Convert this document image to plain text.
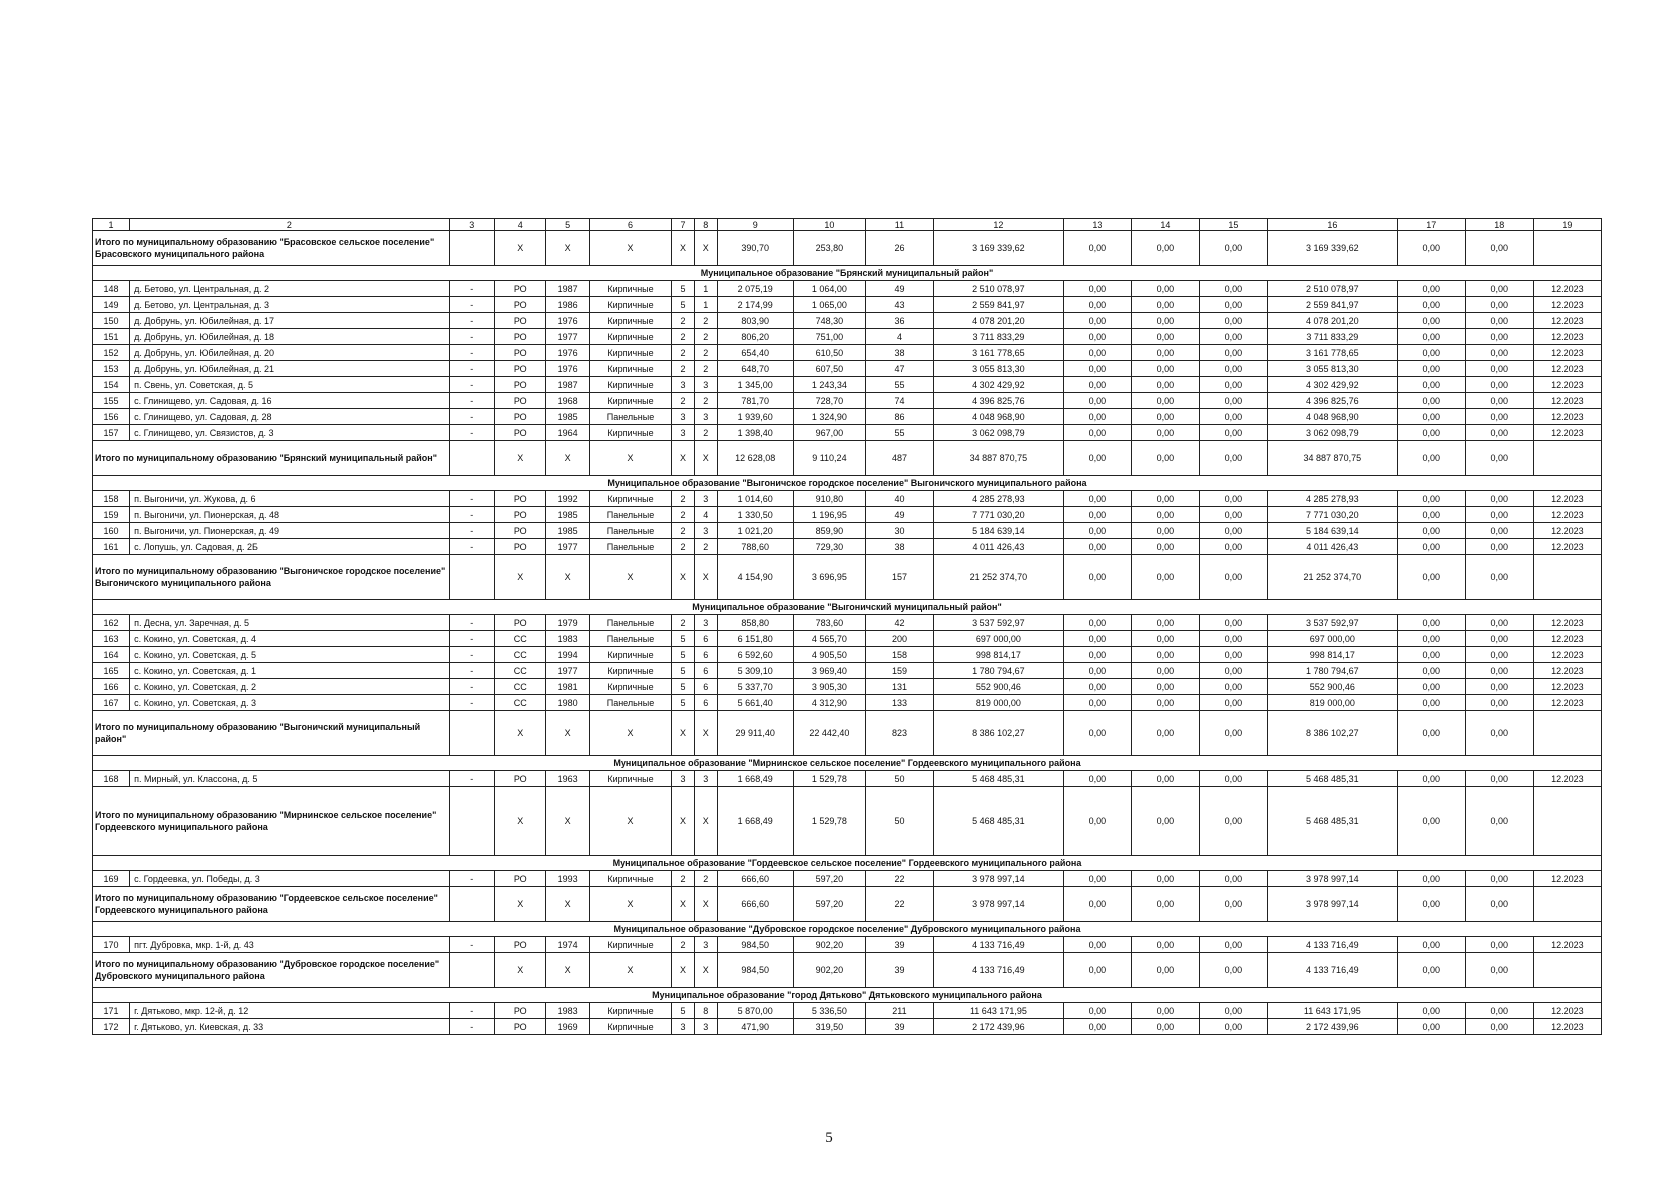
1	2	3	4	5	6	7	8	9	10	11	12	13	14	15	16	17	18	19
Итого по муниципальному образованию "Брасовское сельское поселение" Брасовского муниципального района			X	X	X	X	X	390,70	253,80	26	3 169 339,62	0,00	0,00	0,00	3 169 339,62	0,00	0,00	
Муниципальное образование "Брянский муниципальный район"																		
148	д. Бетово, ул. Центральная, д. 2	-	РО	1987	Кирпичные	5	1	2 075,19	1 064,00	49	2 510 078,97	0,00	0,00	0,00	2 510 078,97	0,00	0,00	12.2023
149	д. Бетово, ул. Центральная, д. 3	-	РО	1986	Кирпичные	5	1	2 174,99	1 065,00	43	2 559 841,97	0,00	0,00	0,00	2 559 841,97	0,00	0,00	12.2023
150	д. Добрунь, ул. Юбилейная, д. 17	-	РО	1976	Кирпичные	2	2	803,90	748,30	36	4 078 201,20	0,00	0,00	0,00	4 078 201,20	0,00	0,00	12.2023
151	д. Добрунь, ул. Юбилейная, д. 18	-	РО	1977	Кирпичные	2	2	806,20	751,00	4	3 711 833,29	0,00	0,00	0,00	3 711 833,29	0,00	0,00	12.2023
152	д. Добрунь, ул. Юбилейная, д. 20	-	РО	1976	Кирпичные	2	2	654,40	610,50	38	3 161 778,65	0,00	0,00	0,00	3 161 778,65	0,00	0,00	12.2023
153	д. Добрунь, ул. Юбилейная, д. 21	-	РО	1976	Кирпичные	2	2	648,70	607,50	47	3 055 813,30	0,00	0,00	0,00	3 055 813,30	0,00	0,00	12.2023
154	п. Свень, ул. Советская, д. 5	-	РО	1987	Кирпичные	3	3	1 345,00	1 243,34	55	4 302 429,92	0,00	0,00	0,00	4 302 429,92	0,00	0,00	12.2023
155	с. Глинищево, ул. Садовая, д. 16	-	РО	1968	Кирпичные	2	2	781,70	728,70	74	4 396 825,76	0,00	0,00	0,00	4 396 825,76	0,00	0,00	12.2023
156	с. Глинищево, ул. Садовая, д. 28	-	РО	1985	Панельные	3	3	1 939,60	1 324,90	86	4 048 968,90	0,00	0,00	0,00	4 048 968,90	0,00	0,00	12.2023
157	с. Глинищево, ул. Связистов, д. 3	-	РО	1964	Кирпичные	3	2	1 398,40	967,00	55	3 062 098,79	0,00	0,00	0,00	3 062 098,79	0,00	0,00	12.2023
Итого по муниципальному образованию "Брянский муниципальный район"			X	X	X	X	X	12 628,08	9 110,24	487	34 887 870,75	0,00	0,00	0,00	34 887 870,75	0,00	0,00	
Муниципальное образование "Выгоничское городское поселение" Выгоничского муниципального района																		
158	п. Выгоничи, ул. Жукова, д. 6	-	РО	1992	Кирпичные	2	3	1 014,60	910,80	40	4 285 278,93	0,00	0,00	0,00	4 285 278,93	0,00	0,00	12.2023
159	п. Выгоничи, ул. Пионерская, д. 48	-	РО	1985	Панельные	2	4	1 330,50	1 196,95	49	7 771 030,20	0,00	0,00	0,00	7 771 030,20	0,00	0,00	12.2023
160	п. Выгоничи, ул. Пионерская, д. 49	-	РО	1985	Панельные	2	3	1 021,20	859,90	30	5 184 639,14	0,00	0,00	0,00	5 184 639,14	0,00	0,00	12.2023
161	с. Лопушь, ул. Садовая, д. 2Б	-	РО	1977	Панельные	2	2	788,60	729,30	38	4 011 426,43	0,00	0,00	0,00	4 011 426,43	0,00	0,00	12.2023
Итого по муниципальному образованию "Выгоничское городское поселение" Выгоничского муниципального района			X	X	X	X	X	4 154,90	3 696,95	157	21 252 374,70	0,00	0,00	0,00	21 252 374,70	0,00	0,00	
Муниципальное образование "Выгоничский муниципальный район"																		
162	п. Десна, ул. Заречная, д. 5	-	РО	1979	Панельные	2	3	858,80	783,60	42	3 537 592,97	0,00	0,00	0,00	3 537 592,97	0,00	0,00	12.2023
163	с. Кокино, ул. Советская, д. 4	-	СС	1983	Панельные	5	6	6 151,80	4 565,70	200	697 000,00	0,00	0,00	0,00	697 000,00	0,00	0,00	12.2023
164	с. Кокино, ул. Советская, д. 5	-	СС	1994	Кирпичные	5	6	6 592,60	4 905,50	158	998 814,17	0,00	0,00	0,00	998 814,17	0,00	0,00	12.2023
165	с. Кокино, ул. Советская, д. 1	-	СС	1977	Кирпичные	5	6	5 309,10	3 969,40	159	1 780 794,67	0,00	0,00	0,00	1 780 794,67	0,00	0,00	12.2023
166	с. Кокино, ул. Советская, д. 2	-	СС	1981	Кирпичные	5	6	5 337,70	3 905,30	131	552 900,46	0,00	0,00	0,00	552 900,46	0,00	0,00	12.2023
167	с. Кокино, ул. Советская, д. 3	-	СС	1980	Панельные	5	6	5 661,40	4 312,90	133	819 000,00	0,00	0,00	0,00	819 000,00	0,00	0,00	12.2023
Итого по муниципальному образованию "Выгоничский муниципальный район"			X	X	X	X	X	29 911,40	22 442,40	823	8 386 102,27	0,00	0,00	0,00	8 386 102,27	0,00	0,00	
Муниципальное образование "Мирнинское сельское поселение" Гордеевского муниципального района																		
168	п. Мирный, ул. Классона, д. 5	-	РО	1963	Кирпичные	3	3	1 668,49	1 529,78	50	5 468 485,31	0,00	0,00	0,00	5 468 485,31	0,00	0,00	12.2023
Итого по муниципальному образованию "Мирнинское сельское поселение" Гордеевского муниципального района			X	X	X	X	X	1 668,49	1 529,78	50	5 468 485,31	0,00	0,00	0,00	5 468 485,31	0,00	0,00	
Муниципальное образование "Гордеевское сельское поселение" Гордеевского муниципального района																		
169	с. Гордеевка, ул. Победы, д. 3	-	РО	1993	Кирпичные	2	2	666,60	597,20	22	3 978 997,14	0,00	0,00	0,00	3 978 997,14	0,00	0,00	12.2023
Итого по муниципальному образованию "Гордеевское сельское поселение" Гордеевского муниципального района			X	X	X	X	X	666,60	597,20	22	3 978 997,14	0,00	0,00	0,00	3 978 997,14	0,00	0,00	
Муниципальное образование "Дубровское городское поселение" Дубровского муниципального района																		
170	пгт. Дубровка, мкр. 1-й, д. 43	-	РО	1974	Кирпичные	2	3	984,50	902,20	39	4 133 716,49	0,00	0,00	0,00	4 133 716,49	0,00	0,00	12.2023
Итого по муниципальному образованию "Дубровское городское поселение" Дубровского муниципального района			X	X	X	X	X	984,50	902,20	39	4 133 716,49	0,00	0,00	0,00	4 133 716,49	0,00	0,00	
Муниципальное образование "город Дятьково" Дятьковского муниципального района																		
171	г. Дятьково, мкр. 12-й, д. 12	-	РО	1983	Кирпичные	5	8	5 870,00	5 336,50	211	11 643 171,95	0,00	0,00	0,00	11 643 171,95	0,00	0,00	12.2023
172	г. Дятьково, ул. Киевская, д. 33	-	РО	1969	Кирпичные	3	3	471,90	319,50	39	2 172 439,96	0,00	0,00	0,00	2 172 439,96	0,00	0,00	12.2023
5
